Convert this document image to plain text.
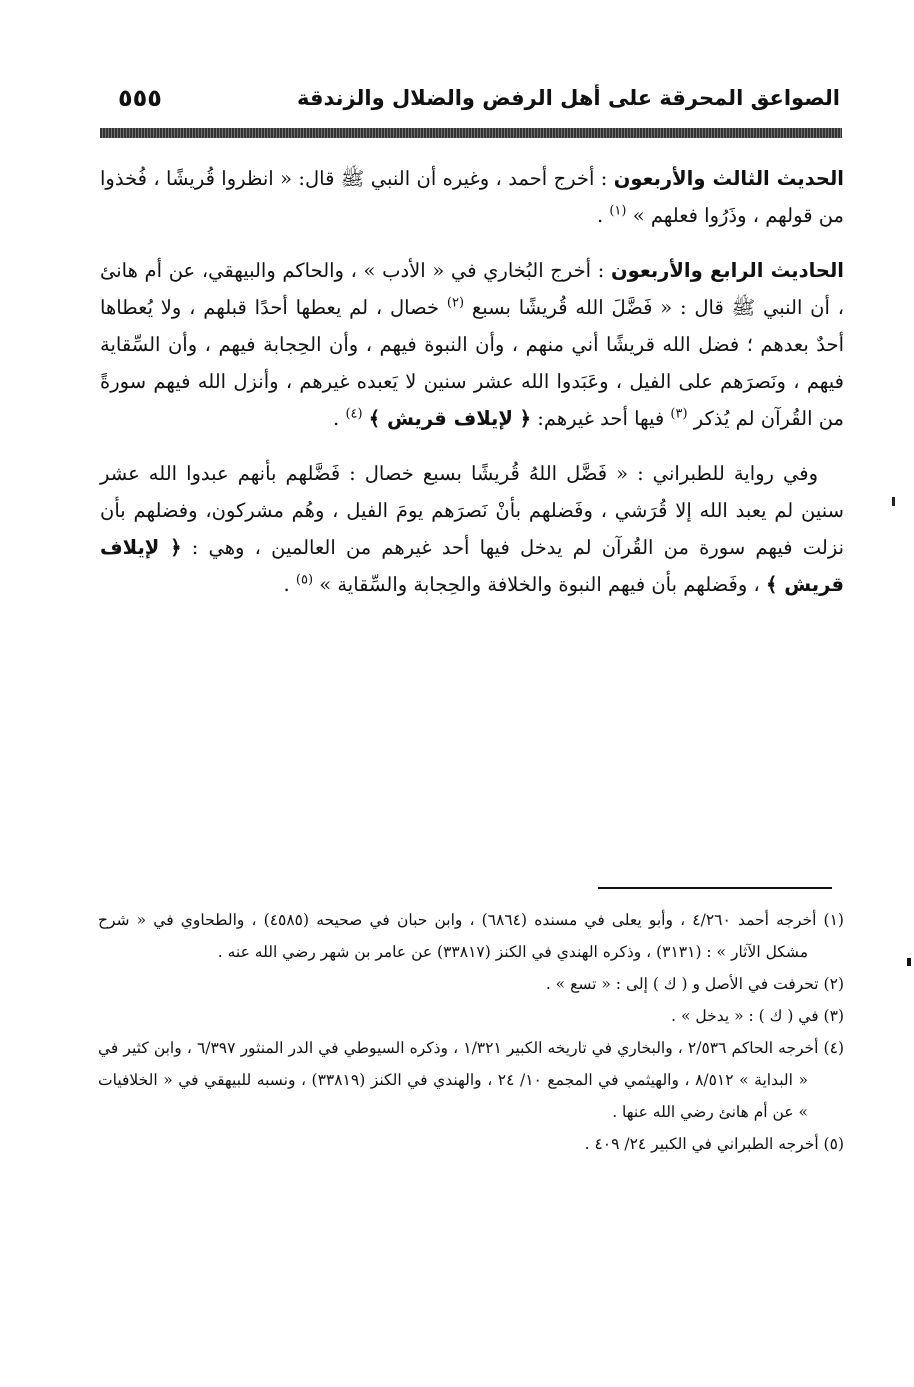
الصواعق المحرقة على أهل الرفض والضلال والزندقة
٥٥٥

الحديث الثالث والأربعون : أخرج أحمد ، وغيره أن النبي ﷺ قال: « انظروا قُريشًا ، فُخذوا من قولهم ، وذَرُوا فعلهم » $^{(١)}$ .

الحاديث الرابع والأربعون : أخرج البُخاري في « الأدب » ، والحاكم والبيهقي، عن أم هانئ ، أن النبي ﷺ قال : « فَضَّلَ الله قُريشًا بسبع $^{(٢)}$ خصال ، لم يعطها أحدًا قبلهم ، ولا يُعطاها أحدٌ بعدهم ؛ فضل الله قريشًا أني منهم ، وأن النبوة فيهم ، وأن الحِجابة فيهم ، وأن السِّقاية فيهم ، ونَصرَهم على الفيل ، وعَبَدوا الله عشر سنين لا يَعبده غيرهم ، وأنزل الله فيهم سورةً من القُرآن لم يُذكر $^{(٣)}$ فيها أحد غيرهم: ﴿ لإيلاف قريش ﴾ $^{(٤)}$ .

وفي رواية للطبراني : « فَضَّل اللهُ قُريشًا بسبع خصال : فَضَّلهم بأنهم عبدوا الله عشر سنين لم يعبد الله إلا قُرَشي ، وفَضلهم بأنْ نَصرَهم يومَ الفيل ، وهُم مشركون، وفضلهم بأن نزلت فيهم سورة من القُرآن لم يدخل فيها أحد غيرهم من العالمين ، وهي : ﴿ لإيلاف قريش ﴾ ، وفَضلهم بأن فيهم النبوة والخلافة والحِجابة والسِّقاية » $^{(٥)}$ .

(١) أخرجه أحمد ٤/٢٦٠ ، وأبو يعلى في مسنده (٦٨٦٤) ، وابن حبان في صحيحه (٤٥٨٥) ، والطحاوي في « شرح مشكل الآثار » : (٣١٣١) ، وذكره الهندي في الكنز (٣٣٨١٧) عن عامر بن شهر رضي الله عنه .

(٢) تحرفت في الأصل و ( ك ) إلى : « تسع » .

(٣) في ( ك ) : « يدخل » .

(٤) أخرجه الحاكم ٢/٥٣٦ ، والبخاري في تاريخه الكبير ١/٣٢١ ، وذكره السيوطي في الدر المنثور ٦/٣٩٧ ، وابن كثير في « البداية » ٨/٥١٢ ، والهيثمي في المجمع ١٠/ ٢٤ ، والهندي في الكنز (٣٣٨١٩) ، ونسبه للبيهقي في « الخلافيات » عن أم هانئ رضي الله عنها .

(٥) أخرجه الطبراني في الكبير ٢٤/ ٤٠٩ .
